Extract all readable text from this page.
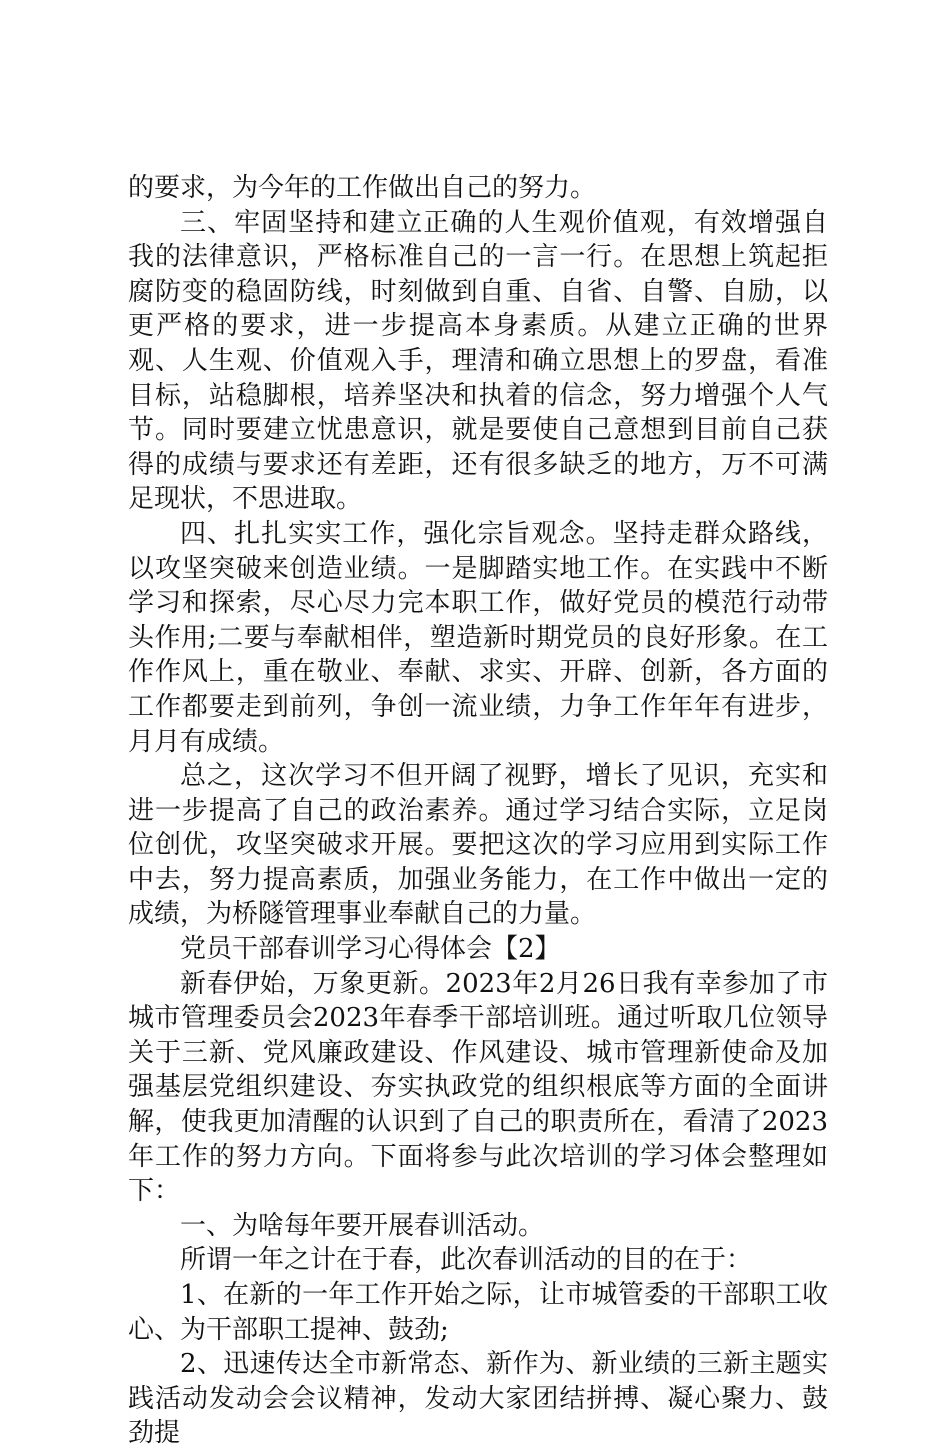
的要求，为今年的工作做出自己的努力。

三、牢固坚持和建立正确的人生观价值观，有效增强自我的法律意识，严格标准自己的一言一行。在思想上筑起拒腐防变的稳固防线，时刻做到自重、自省、自警、自励，以更严格的要求，进一步提高本身素质。从建立正确的世界观、人生观、价值观入手，理清和确立思想上的罗盘，看准目标，站稳脚根，培养坚决和执着的信念，努力增强个人气节。同时要建立忧患意识，就是要使自己意想到目前自己获得的成绩与要求还有差距，还有很多缺乏的地方，万不可满足现状，不思进取。

四、扎扎实实工作，强化宗旨观念。坚持走群众路线，以攻坚突破来创造业绩。一是脚踏实地工作。在实践中不断学习和探索，尽心尽力完本职工作，做好党员的模范行动带头作用;二要与奉献相伴，塑造新时期党员的良好形象。在工作作风上，重在敬业、奉献、求实、开辟、创新，各方面的工作都要走到前列，争创一流业绩，力争工作年年有进步，月月有成绩。

总之，这次学习不但开阔了视野，增长了见识，充实和进一步提高了自己的政治素养。通过学习结合实际，立足岗位创优，攻坚突破求开展。要把这次的学习应用到实际工作中去，努力提高素质，加强业务能力，在工作中做出一定的成绩，为桥隧管理事业奉献自己的力量。

党员干部春训学习心得体会【2】

新春伊始，万象更新。2023年2月26日我有幸参加了市城市管理委员会2023年春季干部培训班。通过听取几位领导关于三新、党风廉政建设、作风建设、城市管理新使命及加强基层党组织建设、夯实执政党的组织根底等方面的全面讲解，使我更加清醒的认识到了自己的职责所在，看清了2023年工作的努力方向。下面将参与此次培训的学习体会整理如下：

一、为啥每年要开展春训活动。

所谓一年之计在于春，此次春训活动的目的在于：

1、在新的一年工作开始之际，让市城管委的干部职工收心、为干部职工提神、鼓劲;

2、迅速传达全市新常态、新作为、新业绩的三新主题实践活动发动会会议精神，发动大家团结拼搏、凝心聚力、鼓劲提
